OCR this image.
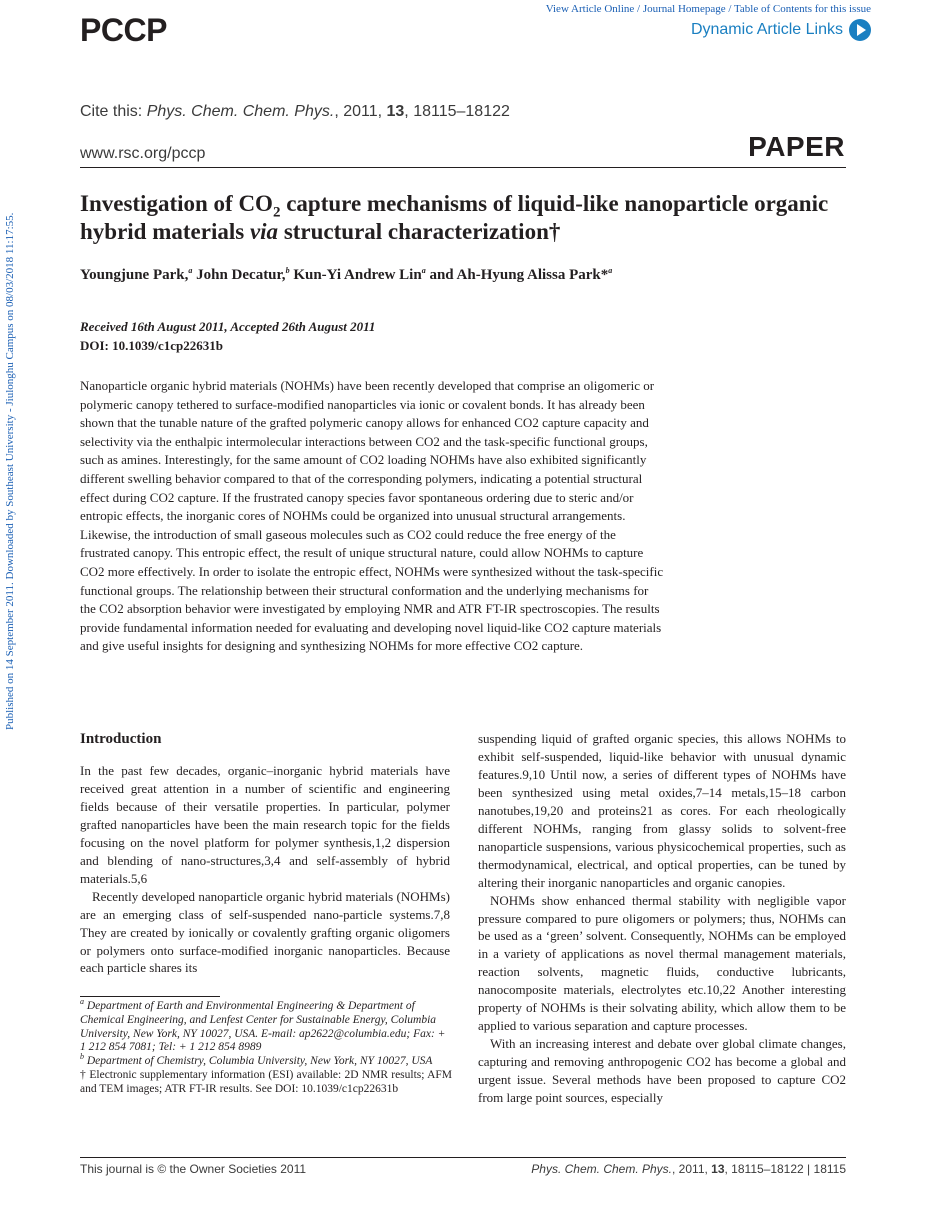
View Article Online / Journal Homepage / Table of Contents for this issue
PCCP	Dynamic Article Links
Cite this: Phys. Chem. Chem. Phys., 2011, 13, 18115–18122
www.rsc.org/pccp	PAPER
Published on 14 September 2011. Downloaded by Southeast University - Jiulonghu Campus on 08/03/2018 11:17:55.
Investigation of $CO_2$ capture mechanisms of liquid-like nanoparticle organic hybrid materials via structural characterization†
Youngjune Park,$^a$ John Decatur,$^b$ Kun-Yi Andrew Lin$^a$ and Ah-Hyung Alissa Park*$^a$
Received 16th August 2011, Accepted 26th August 2011
DOI: 10.1039/c1cp22631b

Nanoparticle organic hybrid materials (NOHMs) have been recently developed that comprise an oligomeric or polymeric canopy tethered to surface-modified nanoparticles via ionic or covalent bonds. It has already been shown that the tunable nature of the grafted polymeric canopy allows for enhanced CO2 capture capacity and selectivity via the enthalpic intermolecular interactions between CO2 and the task-specific functional groups, such as amines. Interestingly, for the same amount of CO2 loading NOHMs have also exhibited significantly different swelling behavior compared to that of the corresponding polymers, indicating a potential structural effect during CO2 capture. If the frustrated canopy species favor spontaneous ordering due to steric and/or entropic effects, the inorganic cores of NOHMs could be organized into unusual structural arrangements. Likewise, the introduction of small gaseous molecules such as CO2 could reduce the free energy of the frustrated canopy. This entropic effect, the result of unique structural nature, could allow NOHMs to capture CO2 more effectively. In order to isolate the entropic effect, NOHMs were synthesized without the task-specific functional groups. The relationship between their structural conformation and the underlying mechanisms for the CO2 absorption behavior were investigated by employing NMR and ATR FT-IR spectroscopies. The results provide fundamental information needed for evaluating and developing novel liquid-like CO2 capture materials and give useful insights for designing and synthesizing NOHMs for more effective CO2 capture.

Introduction

In the past few decades, organic–inorganic hybrid materials have received great attention in a number of scientific and engineering fields because of their versatile properties. In particular, polymer grafted nanoparticles have been the main research topic for the fields focusing on the novel platform for polymer synthesis,1,2 dispersion and blending of nano-structures,3,4 and self-assembly of hybrid materials.5,6

Recently developed nanoparticle organic hybrid materials (NOHMs) are an emerging class of self-suspended nano-particle systems.7,8 They are created by ionically or covalently grafting organic oligomers or polymers onto surface-modified inorganic nanoparticles. Because each particle shares its

suspending liquid of grafted organic species, this allows NOHMs to exhibit self-suspended, liquid-like behavior with unusual dynamic features.9,10 Until now, a series of different types of NOHMs have been synthesized using metal oxides,7–14 metals,15–18 carbon nanotubes,19,20 and proteins21 as cores. For each rheologically different NOHMs, ranging from glassy solids to solvent-free nanoparticle suspensions, various physicochemical properties, such as thermodynamical, electrical, and optical properties, can be tuned by altering their inorganic nanoparticles and organic canopies.

NOHMs show enhanced thermal stability with negligible vapor pressure compared to pure oligomers or polymers; thus, NOHMs can be used as a ‘green’ solvent. Consequently, NOHMs can be employed in a variety of applications as novel thermal management materials, reaction solvents, magnetic fluids, conductive lubricants, nanocomposite materials, electrolytes etc.10,22 Another interesting property of NOHMs is their solvating ability, which allow them to be applied to various separation and capture processes.

With an increasing interest and debate over global climate changes, capturing and removing anthropogenic CO2 has become a global and urgent issue. Several methods have been proposed to capture CO2 from large point sources, especially

$^a$ Department of Earth and Environmental Engineering & Department of Chemical Engineering, and Lenfest Center for Sustainable Energy, Columbia University, New York, NY 10027, USA. E-mail: ap2622@columbia.edu; Fax: + 1 212 854 7081; Tel: + 1 212 854 8989

$^b$ Department of Chemistry, Columbia University, New York, NY 10027, USA

† Electronic supplementary information (ESI) available: 2D NMR results; AFM and TEM images; ATR FT-IR results. See DOI: 10.1039/c1cp22631b

This journal is © the Owner Societies 2011	Phys. Chem. Chem. Phys., 2011, 13, 18115–18122 | 18115
